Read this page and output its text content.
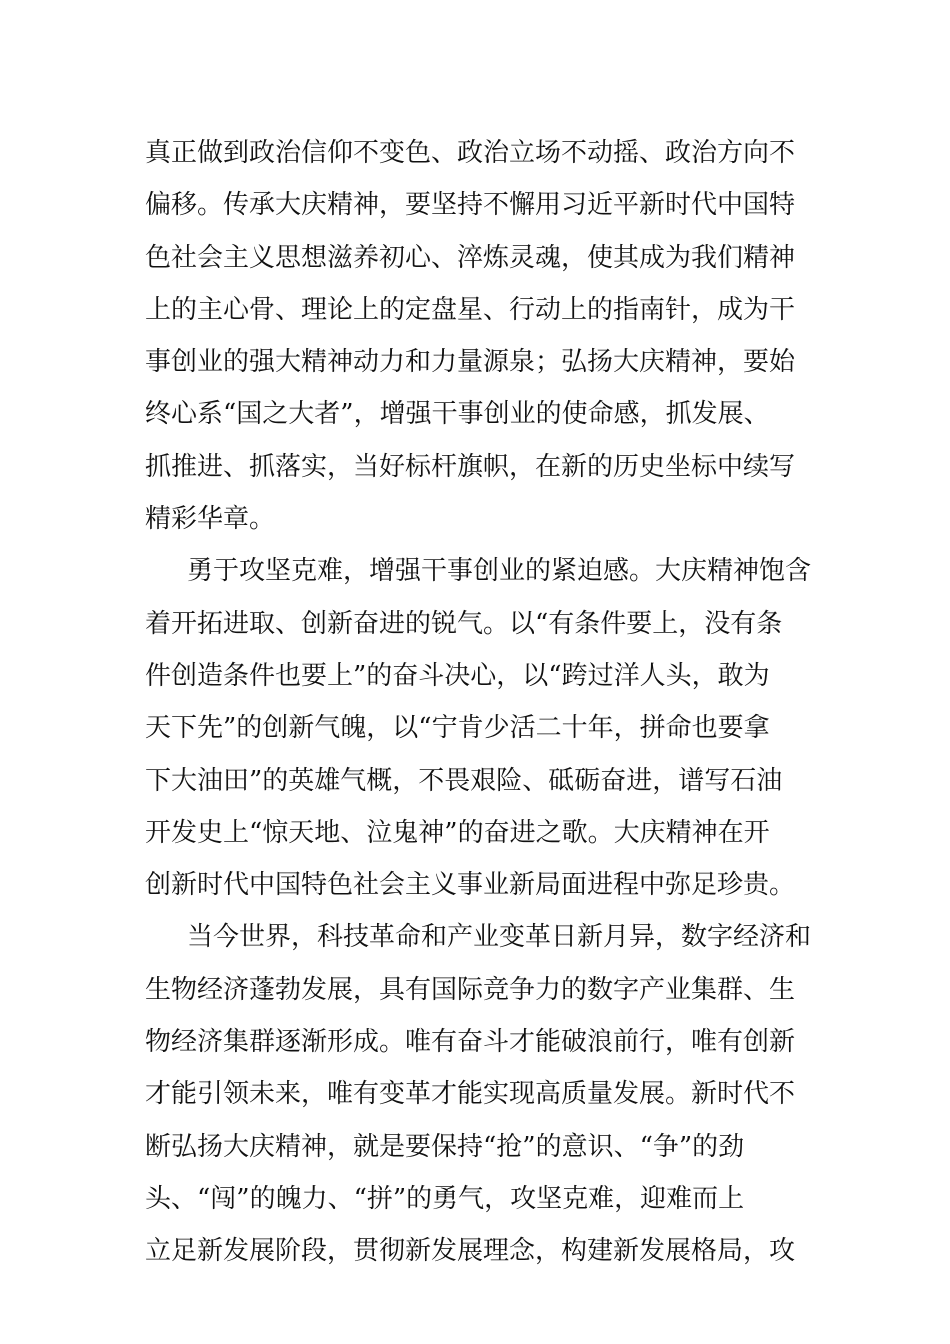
真正做到政治信仰不变色、政治立场不动摇、政治方向不
偏移。传承大庆精神，要坚持不懈用习近平新时代中国特
色社会主义思想滋养初心、淬炼灵魂，使其成为我们精神
上的主心骨、理论上的定盘星、行动上的指南针，成为干
事创业的强大精神动力和力量源泉；弘扬大庆精神，要始
终心系“国之大者”，增强干事创业的使命感，抓发展、
抓推进、抓落实，当好标杆旗帜，在新的历史坐标中续写
精彩华章。
勇于攻坚克难，增强干事创业的紧迫感。大庆精神饱含
着开拓进取、创新奋进的锐气。以“有条件要上，没有条
件创造条件也要上”的奋斗决心，以“跨过洋人头，敢为
天下先”的创新气魄，以“宁肯少活二十年，拼命也要拿
下大油田”的英雄气概，不畏艰险、砥砺奋进，谱写石油
开发史上“惊天地、泣鬼神”的奋进之歌。大庆精神在开
创新时代中国特色社会主义事业新局面进程中弥足珍贵。
当今世界，科技革命和产业变革日新月异，数字经济和
生物经济蓬勃发展，具有国际竞争力的数字产业集群、生
物经济集群逐渐形成。唯有奋斗才能破浪前行，唯有创新
才能引领未来，唯有变革才能实现高质量发展。新时代不
断弘扬大庆精神，就是要保持“抢”的意识、“争”的劲
头、“闯”的魄力、“拼”的勇气，攻坚克难，迎难而上
立足新发展阶段，贯彻新发展理念，构建新发展格局，攻
